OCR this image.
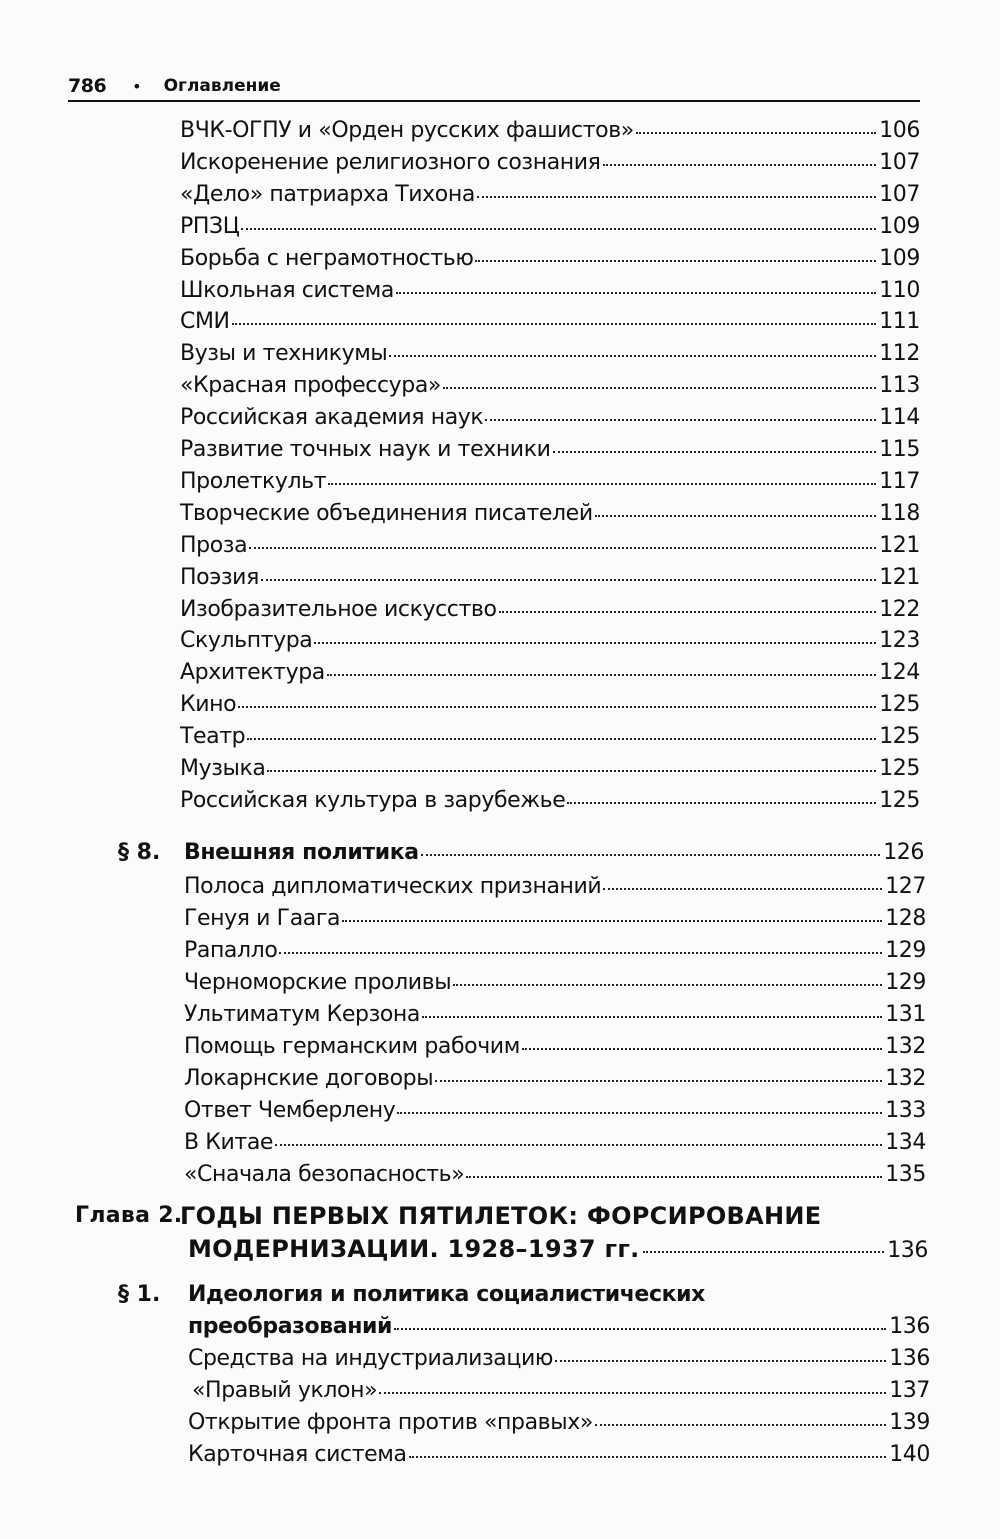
786 • Оглавление
ВЧК-ОГПУ и «Орден русских фашистов»	106
Искоренение религиозного сознания	107
«Дело» патриарха Тихона	107
РПЗЦ	109
Борьба с неграмотностью	109
Школьная система	110
СМИ	111
Вузы и техникумы	112
«Красная профессура»	113
Российская академия наук	114
Развитие точных наук и техники	115
Пролеткульт	117
Творческие объединения писателей	118
Проза	121
Поэзия	121
Изобразительное искусство	122
Скульптура	123
Архитектура	124
Кино	125
Театр	125
Музыка	125
Российская культура в зарубежье	125
§ 8. Внешняя политика	126
Полоса дипломатических признаний	127
Генуя и Гаага	128
Рапалло	129
Черноморские проливы	129
Ультиматум Керзона	131
Помощь германским рабочим	132
Локарнские договоры	132
Ответ Чемберлену	133
В Китае	134
«Сначала безопасность»	135
Глава 2.
ГОДЫ ПЕРВЫХ ПЯТИЛЕТОК: ФОРСИРОВАНИЕ
МОДЕРНИЗАЦИИ. 1928–1937 гг.	136
§ 1. Идеология и политика социалистических
преобразований	136
Средства на индустриализацию	136
«Правый уклон»	137
Открытие фронта против «правых»	139
Карточная система	140
